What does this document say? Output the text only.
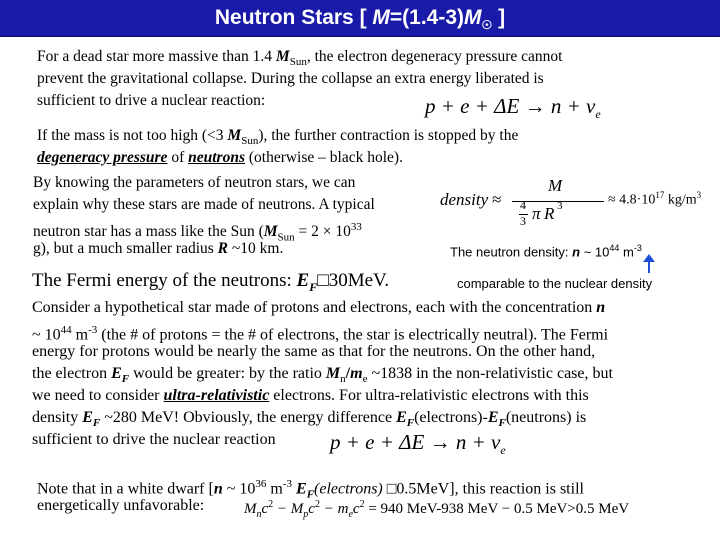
Neutron Stars [ $M=(1.4-3)M_☉$ ]
For a dead star more massive than 1.4 $M_{Sun}$, the electron degeneracy pressure cannot
prevent the gravitational collapse. During the collapse an extra energy liberated is
sufficient to drive a nuclear reaction:	$p + e + \Delta E \to n + \nu_e$
If the mass is not too high (<3 $M_{Sun}$), the further contraction is stopped by the
degeneracy pressure of neutrons (otherwise – black hole).
By knowing the parameters of neutron stars, we can
explain why these stars are made of neutrons. A typical
neutron star has a mass like the Sun ($M_{Sun} = 2 \times 10^{33}$
g), but a much smaller radius R ~10 km.
density ≈
M
4
3 π R 3	≈ $4.8\cdot 10^{17}$ $kg/m^3$
The neutron density: n ~ $10^{44}$ $m^{-3}$
The Fermi energy of the neutrons: $E_F□30MeV$.	comparable to the nuclear density
Consider a hypothetical star made of protons and electrons, each with the concentration n
~ $10^{44}$ $m^{-3}$ (the # of protons = the # of electrons, the star is electrically neutral). The Fermi
energy for protons would be nearly the same as that for the neutrons. On the other hand,
the electron $E_F$ would be greater: by the ratio $M_n/m_e$ ~1838 in the non-relativistic case, but
we need to consider ultra-relativistic electrons. For ultra-relativistic electrons with this
density $E_F$ ~280 MeV! Obviously, the energy difference $E_F(electrons)-E_F(neutrons)$ is
sufficient to drive the nuclear reaction	$p + e + \Delta E \to n + \nu_e$
Note that in a white dwarf [n ~ $10^{36}$ $m^{-3}$ $E_F(electrons)$ □0.5MeV], this reaction is still
energetically unfavorable:	$M_nc^2 - M_pc^2 - m_ec^2 = 940$ MeV-938 MeV − 0.5 MeV>0.5 MeV
